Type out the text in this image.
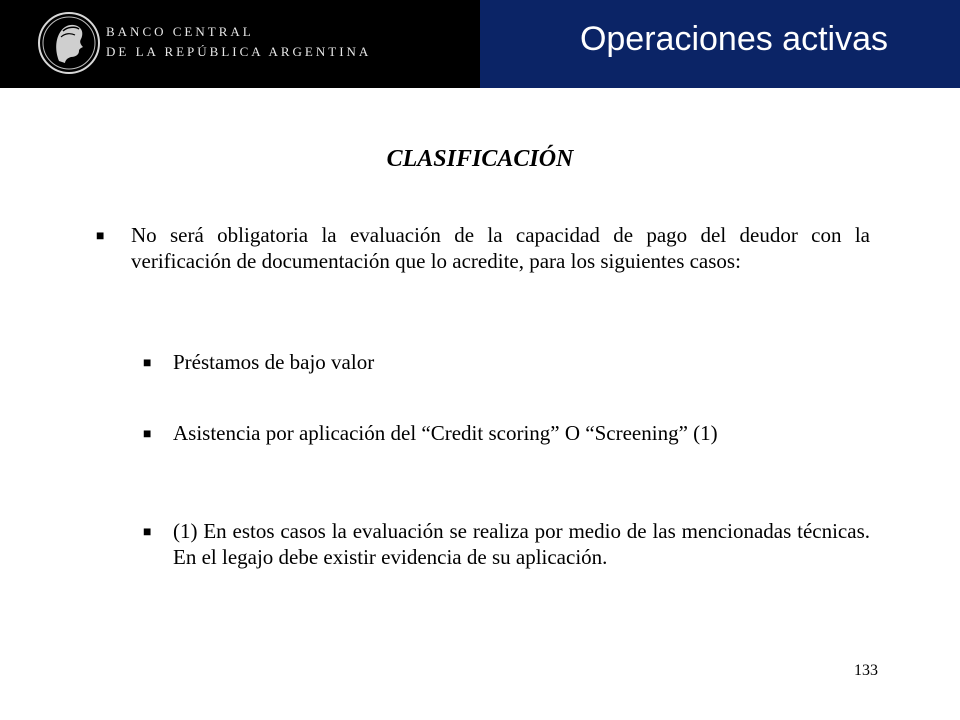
BANCO CENTRAL
DE LA REPÚBLICA ARGENTINA	Operaciones activas
CLASIFICACIÓN
■ No será obligatoria la evaluación de la capacidad de pago del deudor con la verificación de documentación que lo acredite, para los siguientes casos:
■ Préstamos de bajo valor
■ Asistencia por aplicación del “Credit scoring” O “Screening” (1)
■ (1) En estos casos la evaluación se realiza por medio de las mencionadas técnicas. En el legajo debe existir evidencia de su aplicación.
133
